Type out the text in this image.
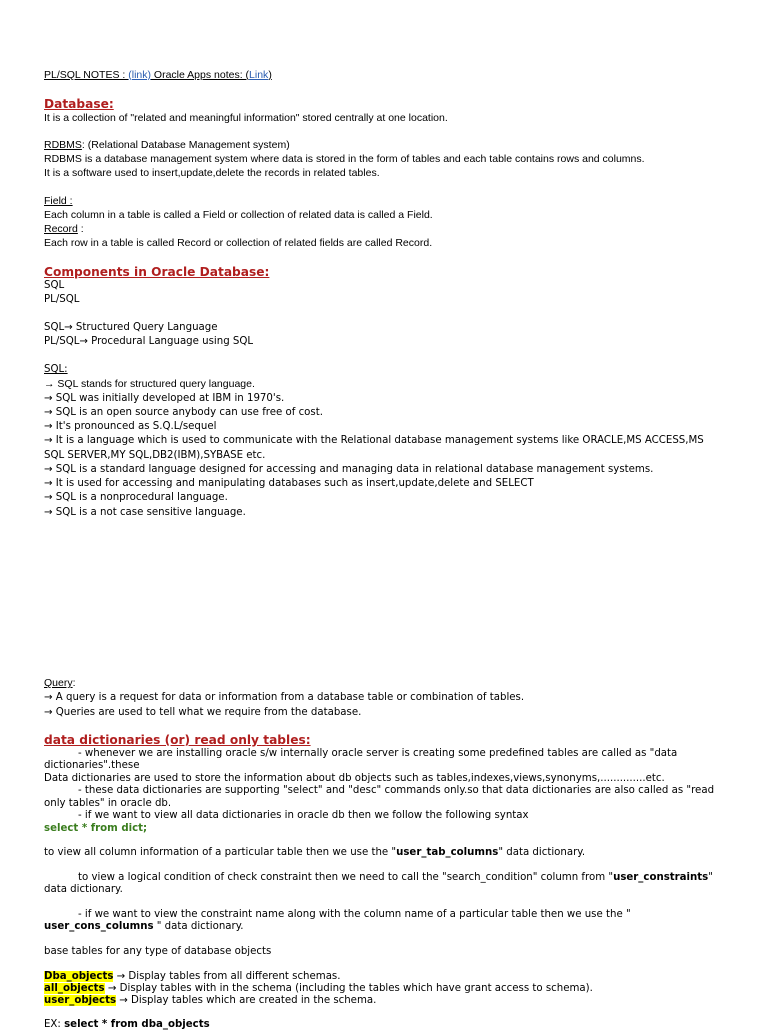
PL/SQL NOTES : (link) Oracle Apps notes: (Link)
Database:
It is a collection of "related and meaningful information" stored centrally at one location.
RDBMS: (Relational Database Management system)
RDBMS is a database management system where data is stored in the form of tables and each table contains rows and columns.
It is a software used to insert,update,delete the records in related tables.
Field :
Each column in a table is called a Field or collection of related data is called a Field.
Record :
Each row in a table is called Record or collection of related fields are called Record.
Components in Oracle Database:
SQL
PL/SQL
SQL→ Structured Query Language
PL/SQL→ Procedural Language using SQL
SQL:
→ SQL stands for structured query language.
→ SQL was initially developed at IBM in 1970's.
→ SQL is an open source anybody can use free of cost.
→ It's pronounced as S.Q.L/sequel
→ It is a language which is used to communicate with the Relational database management systems like ORACLE,MS ACCESS,MS
SQL SERVER,MY SQL,DB2(IBM),SYBASE etc.
→ SQL is a standard language designed for accessing and managing data in relational database management systems.
→ It is used for accessing and manipulating databases such as insert,update,delete and SELECT
→ SQL is a nonprocedural language.
→ SQL is a not case sensitive language.
Query:
→ A query is a request for data or information from a database table or combination of tables.
→ Queries are used to tell what we require from the database.
data dictionaries (or) read only tables:
- whenever we are installing oracle s/w internally oracle server is creating some predefined tables are called as "data
dictionaries".these
Data dictionaries are used to store the information about db objects such as tables,indexes,views,synonyms,..............etc.
- these data dictionaries are supporting "select" and "desc" commands only.so that data dictionaries are also called as "read
only tables" in oracle db.
- if we want to view all data dictionaries in oracle db then we follow the following syntax
select * from dict;
to view all column information of a particular table then we use the "user_tab_columns" data dictionary.
to view a logical condition of check constraint then we need to call the "search_condition" column from "user_constraints"
data dictionary.
- if we want to view the constraint name along with the column name of a particular table then we use the "
user_cons_columns " data dictionary.
base tables for any type of database objects
Dba_objects → Display tables from all different schemas.
all_objects → Display tables with in the schema (including the tables which have grant access to schema).
user_objects → Display tables which are created in the schema.
EX: select * from dba_objects
